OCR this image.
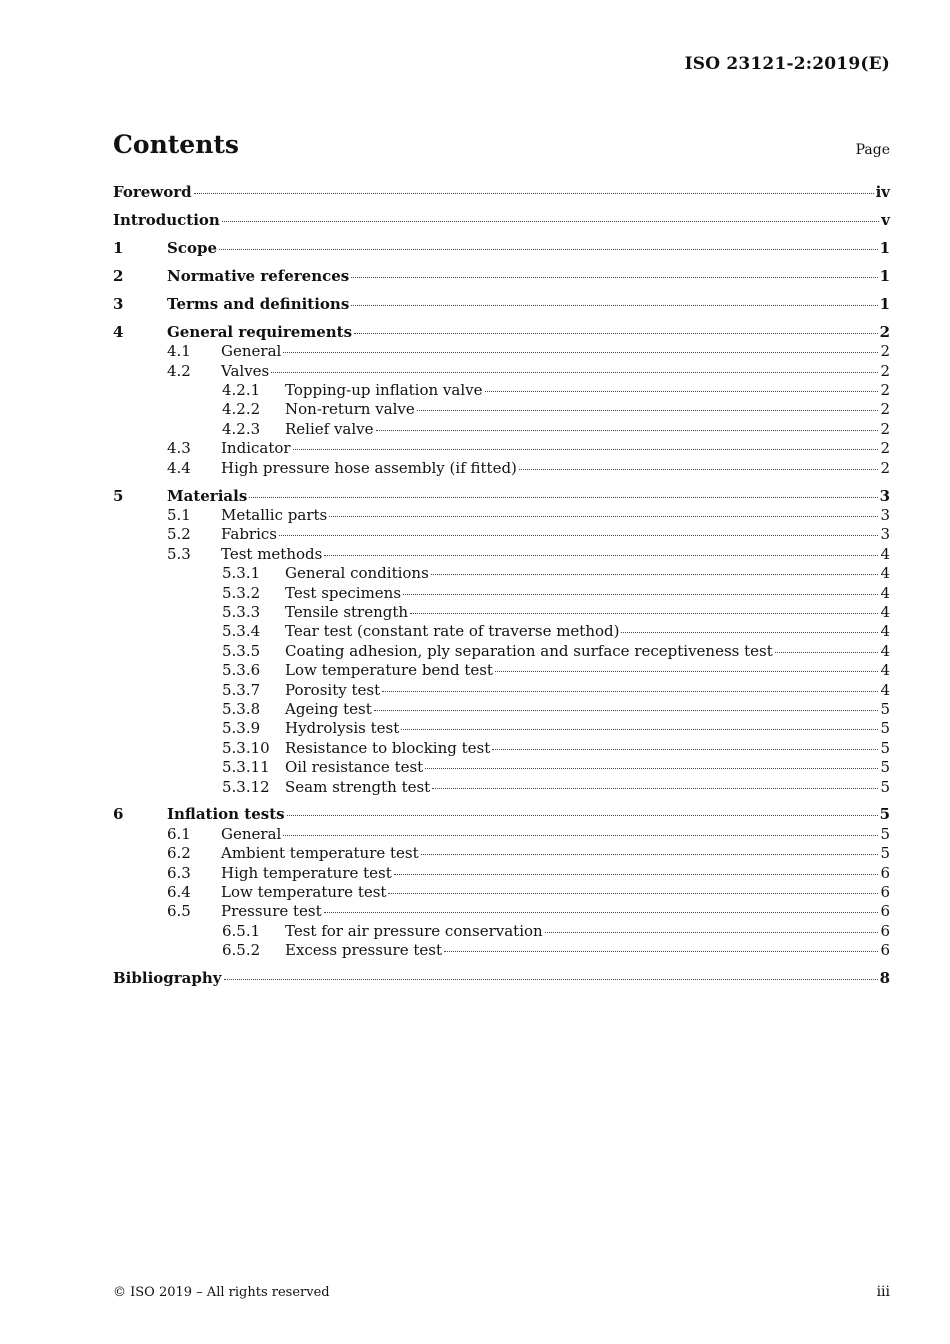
ISO 23121-2:2019(E)
Contents	Page
Foreword	iv
Introduction	v
1	Scope	1
2	Normative references	1
3	Terms and definitions	1
4	General requirements	2
4.1	General	2
4.2	Valves	2
4.2.1	Topping-up inflation valve	2
4.2.2	Non-return valve	2
4.2.3	Relief valve	2
4.3	Indicator	2
4.4	High pressure hose assembly (if fitted)	2
5	Materials	3
5.1	Metallic parts	3
5.2	Fabrics	3
5.3	Test methods	4
5.3.1	General conditions	4
5.3.2	Test specimens	4
5.3.3	Tensile strength	4
5.3.4	Tear test (constant rate of traverse method)	4
5.3.5	Coating adhesion, ply separation and surface receptiveness test	4
5.3.6	Low temperature bend test	4
5.3.7	Porosity test	4
5.3.8	Ageing test	5
5.3.9	Hydrolysis test	5
5.3.10	Resistance to blocking test	5
5.3.11	Oil resistance test	5
5.3.12	Seam strength test	5
6	Inflation tests	5
6.1	General	5
6.2	Ambient temperature test	5
6.3	High temperature test	6
6.4	Low temperature test	6
6.5	Pressure test	6
6.5.1	Test for air pressure conservation	6
6.5.2	Excess pressure test	6
Bibliography	8
© ISO 2019 – All rights reserved	iii
